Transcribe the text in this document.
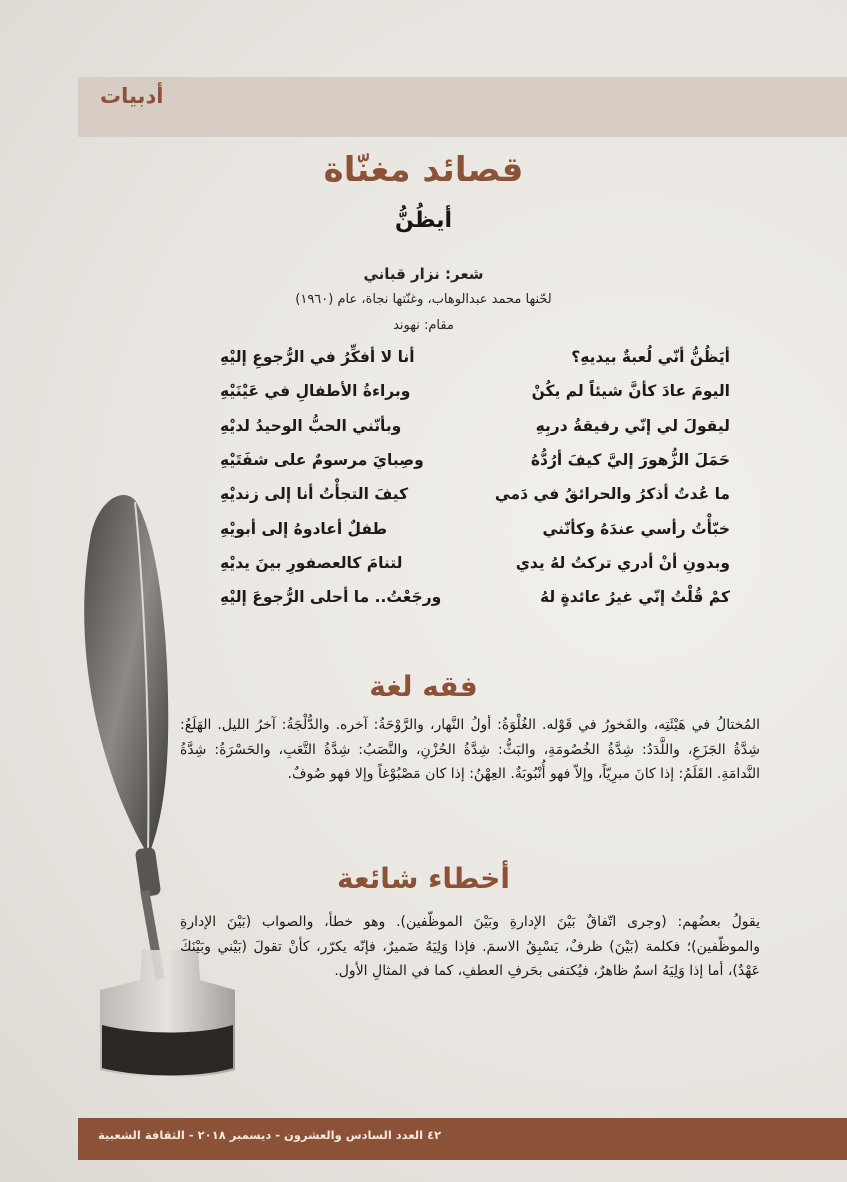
أدبيات
قصائد مغنّاة
أيظُنُّ
شعر: نزار قباني
لحّنها محمد عبدالوهاب، وغنّتها نجاة، عام (١٩٦٠)
مقام: نهوند
أيَظُنُّ أنّي لُعبةٌ بيديهِ؟
أنا لا أفكِّرُ في الرُّجوعِ إليْهِ
اليومَ عادَ كأنَّ شيئاً لم يكُنْ
وبراءةُ الأطفالِ في عَيْنَيْهِ
ليقولَ لي إنّي رفيقةُ دربِهِ
وبأنّني الحبُّ الوحيدُ لديْهِ
حَمَلَ الزُّهورَ إليَّ كيفَ أرُدُّهُ
وصِبايَ مرسومٌ على شفَتَيْهِ
ما عُدتُ أذكرُ والحرائقُ في دَمي
كيفَ التجأْتُ أنا إلى زنديْهِ
خبّأْتُ رأسي عندَهُ وكأنّني
طفلٌ أعادوهُ إلى أبويْهِ
وبدونِ أنْ أدري تركتُ لهُ يدي
لتنامَ كالعصفورِ بينَ يديْهِ
كمْ قُلْتُ إنّي غيرُ عائدةٍ لهُ
ورجَعْتُ.. ما أحلى الرُّجوعَ إليْهِ
فقه لغة
المُختالُ في هَيْئَتِه، والفَخورُ في قَوْله. الغُلْوَةُ: أولُ النَّهار، والرَّوْحَةُ: آخره. والدُّلْجَةُ: آخرُ الليل. الهَلَعُ: شِدَّةُ الجَزَعِ، واللَّدَدُ: شِدَّةُ الخُصُومَةِ، والبَثُّ: شِدَّةُ الحُزْنِ، والنَّصَبُ: شِدَّةُ التَّعَبِ، والحَسْرَةُ: شِدَّةُ النَّدامَةِ. القَلَمُ: إذا كانَ مبرِيّاً، وإلاّ فهو أُنْبُوبَةٌ. العِهْنُ: إذا كان مَصْبُوْغاً وإلا فهو صُوفٌ.
أخطاء شائعة
يقولُ بعضُهم: (وجرى اتّفاقٌ بَيْنَ الإدارةِ وبَيْنَ الموظّفين). وهو خطأ، والصواب (بَيْنَ الإدارةِ والموظّفين)؛ فكلمة (بَيْنَ) ظرفٌ، يَسْبِقُ الاسمَ. فإذا وَلِيَهُ ضَميرٌ، فإنّه يكرّر، كأنْ تقولَ (بَيْني وبَيْنَكَ عَهْدٌ)، أما إذا وَلِيَهُ اسمٌ ظاهرٌ، فيُكتفى بحَرفِ العطفِ، كما في المثالِ الأول.
٤٢ العدد السادس والعشرون - ديسمبر ٢٠١٨ - الثقافة الشعبية
